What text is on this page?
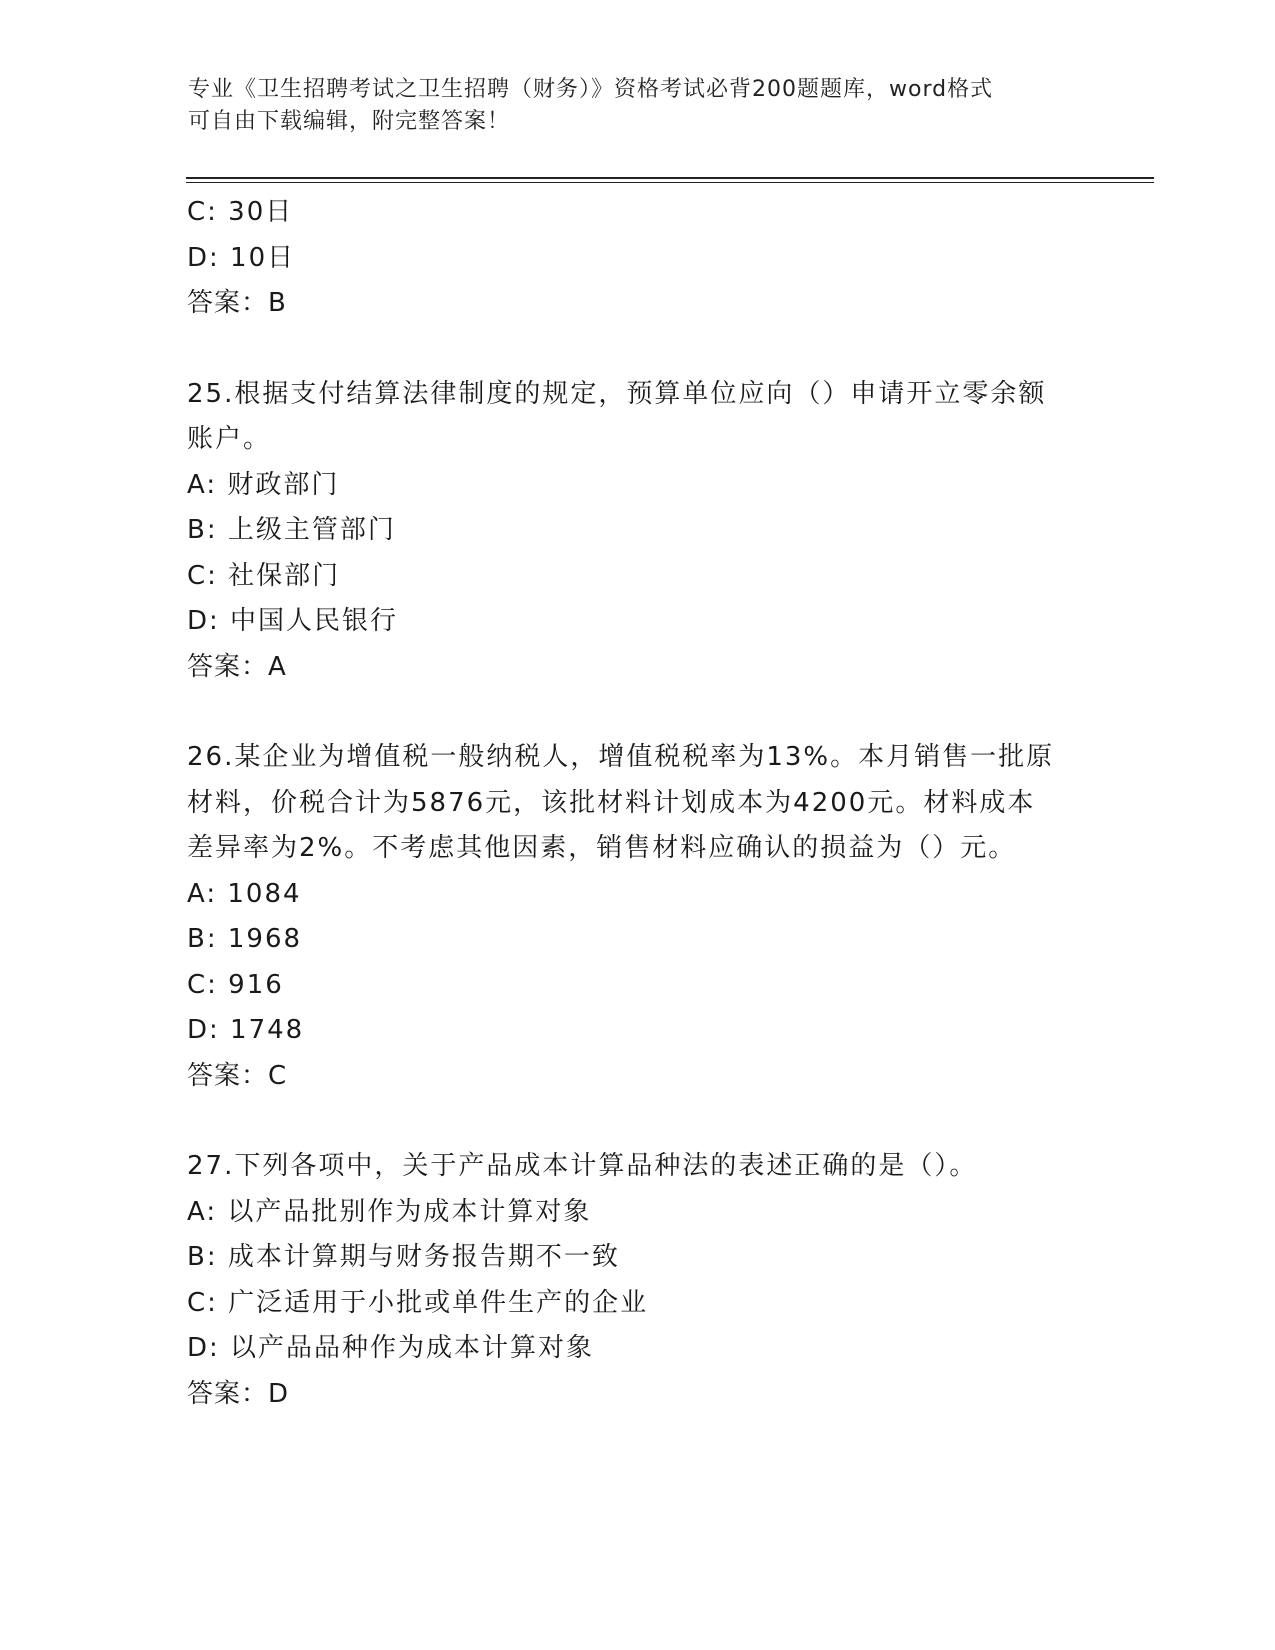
专业《卫生招聘考试之卫生招聘（财务）》资格考试必背200题题库，word格式
可自由下载编辑，附完整答案！
C: 30日
D: 10日
答案：B
25.根据支付结算法律制度的规定，预算单位应向（）申请开立零余额
账户。
A: 财政部门
B: 上级主管部门
C: 社保部门
D: 中国人民银行
答案：A
26.某企业为增值税一般纳税人，增值税税率为13%。本月销售一批原
材料，价税合计为5876元，该批材料计划成本为4200元。材料成本
差异率为2%。不考虑其他因素，销售材料应确认的损益为（）元。
A: 1084
B: 1968
C: 916
D: 1748
答案：C
27.下列各项中，关于产品成本计算品种法的表述正确的是（）。
A: 以产品批别作为成本计算对象
B: 成本计算期与财务报告期不一致
C: 广泛适用于小批或单件生产的企业
D: 以产品品种作为成本计算对象
答案：D
